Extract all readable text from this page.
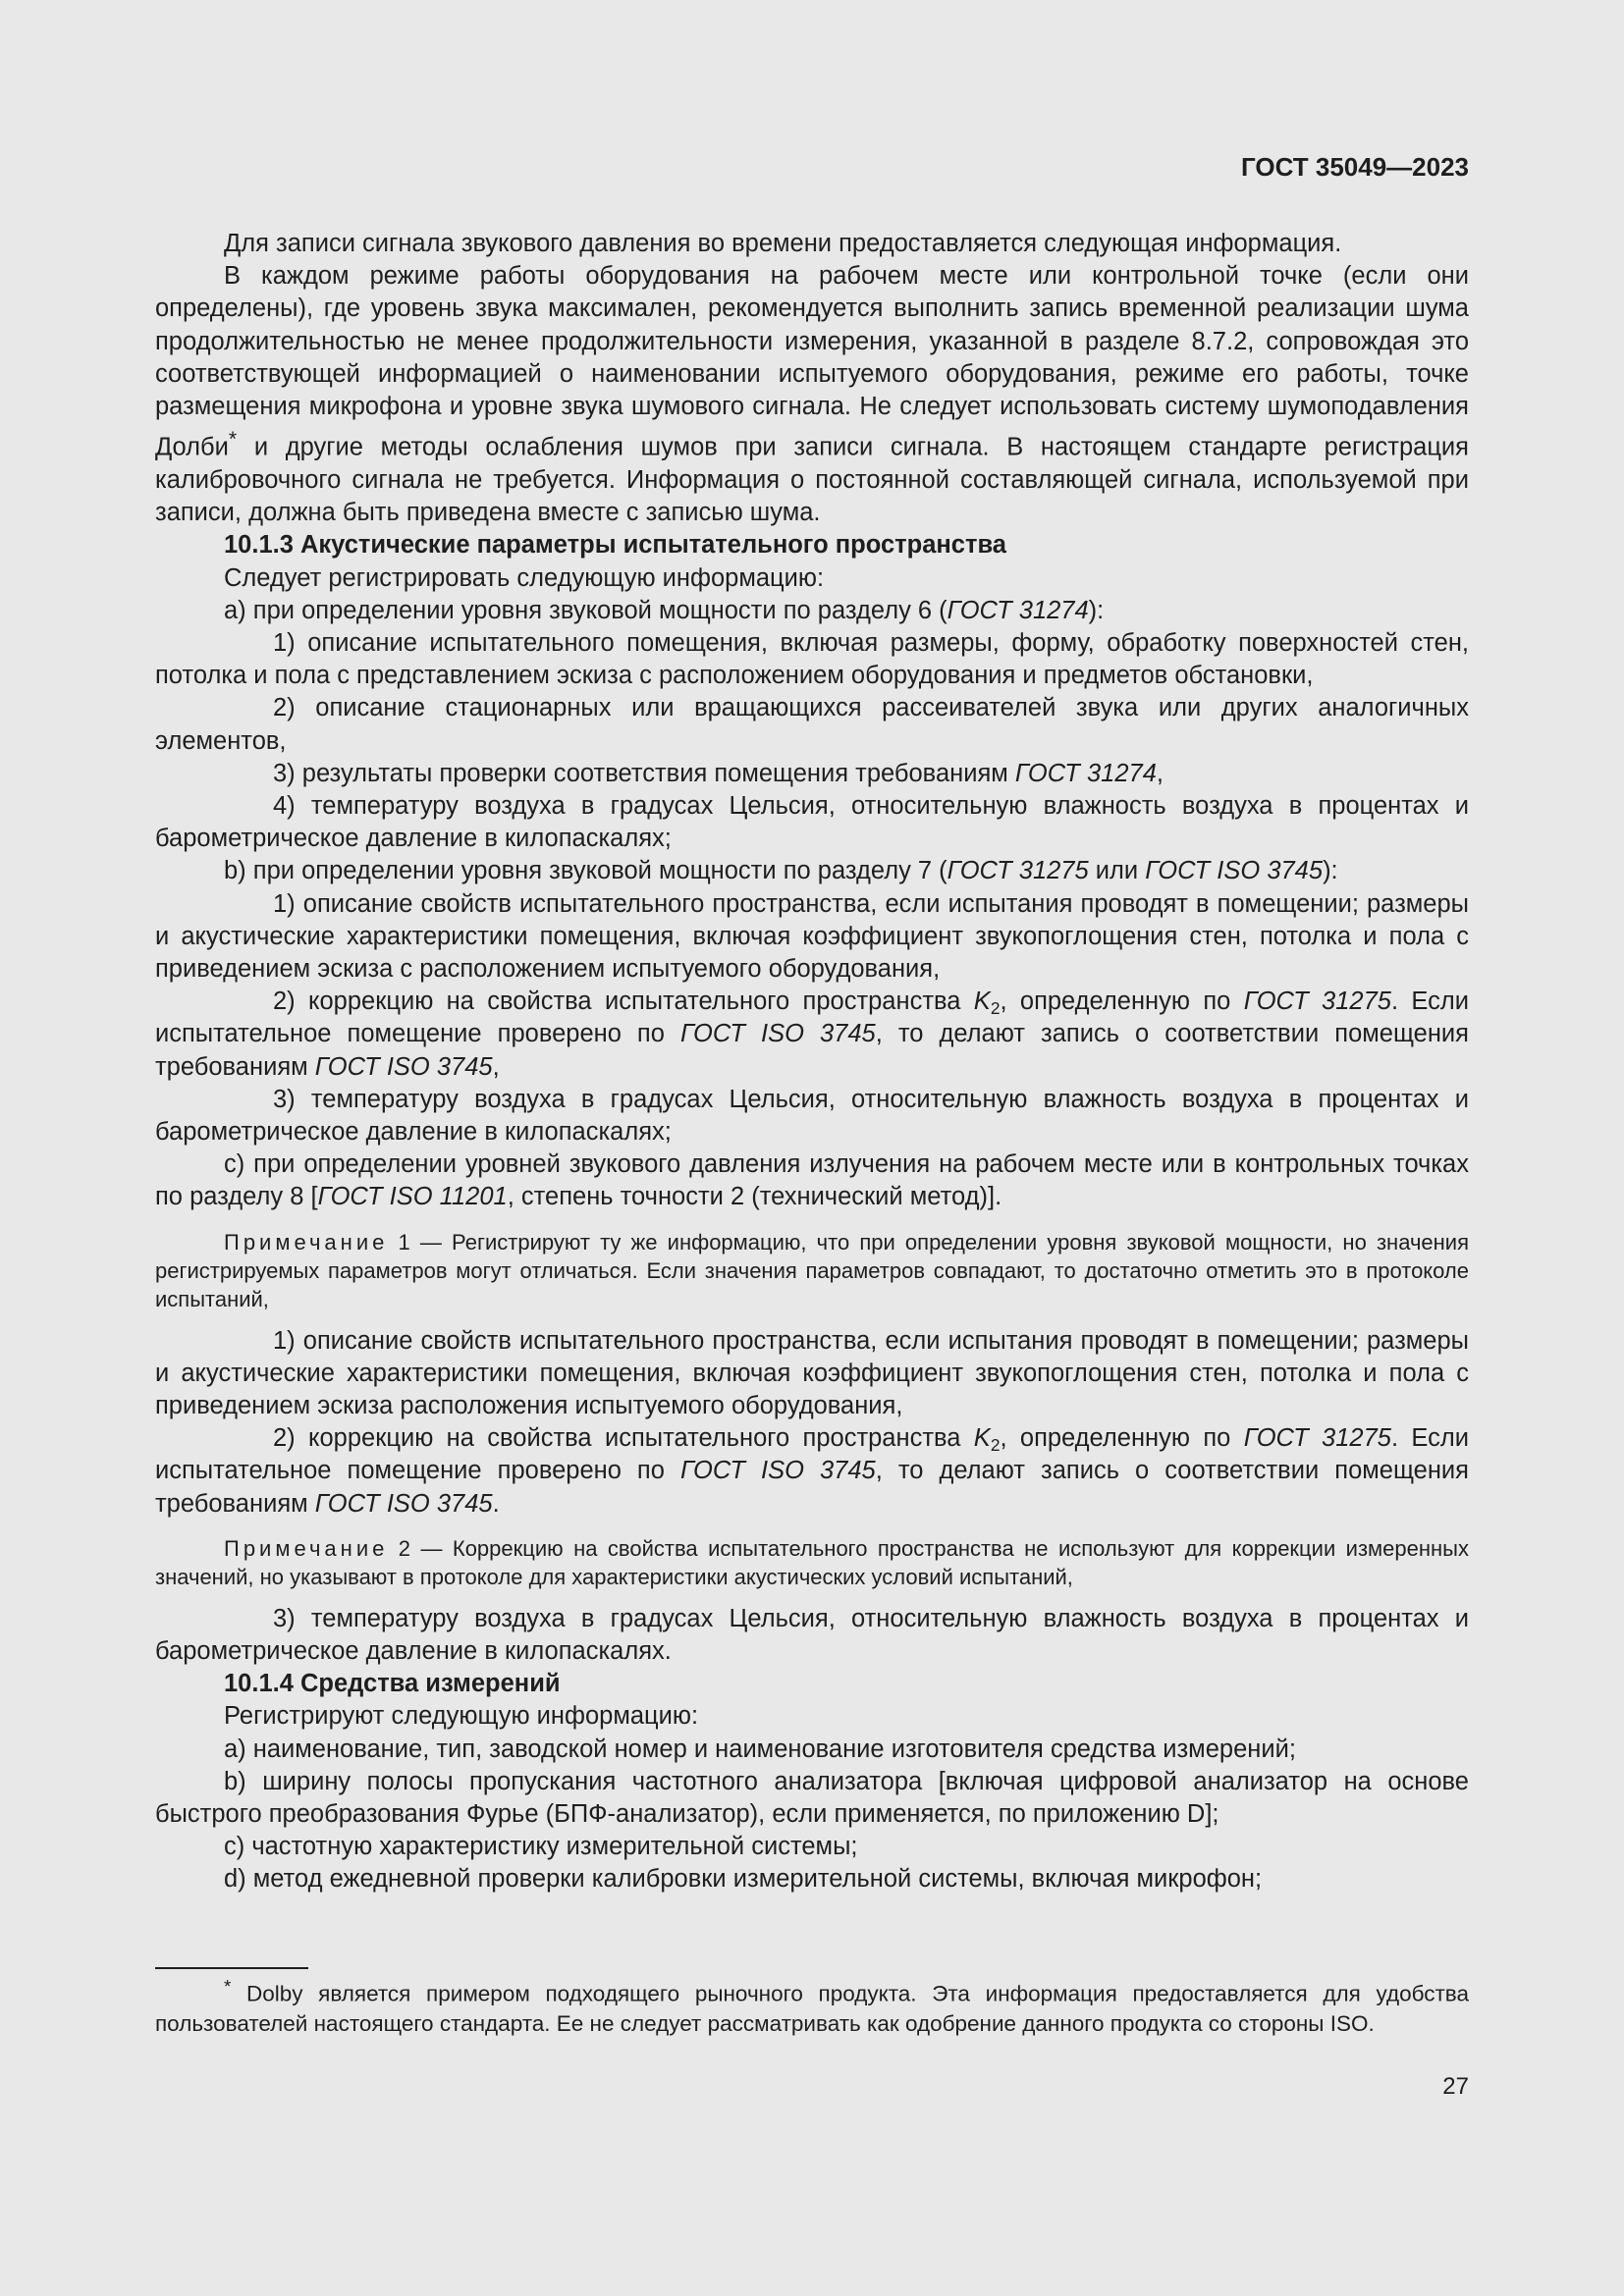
ГОСТ 35049—2023

Для записи сигнала звукового давления во времени предоставляется следующая информация.

В каждом режиме работы оборудования на рабочем месте или контрольной точке (если они определены), где уровень звука максимален, рекомендуется выполнить запись временной реализации шума продолжительностью не менее продолжительности измерения, указанной в разделе 8.7.2, сопровождая это соответствующей информацией о наименовании испытуемого оборудования, режиме его работы, точке размещения микрофона и уровне звука шумового сигнала. Не следует использовать систему шумоподавления Долби* и другие методы ослабления шумов при записи сигнала. В настоящем стандарте регистрация калибровочного сигнала не требуется. Информация о постоянной составляющей сигнала, используемой при записи, должна быть приведена вместе с записью шума.

10.1.3 Акустические параметры испытательного пространства

Следует регистрировать следующую информацию:

a) при определении уровня звуковой мощности по разделу 6 (ГОСТ 31274):

1) описание испытательного помещения, включая размеры, форму, обработку поверхностей стен, потолка и пола с представлением эскиза с расположением оборудования и предметов обстановки,

2) описание стационарных или вращающихся рассеивателей звука или других аналогичных элементов,

3) результаты проверки соответствия помещения требованиям ГОСТ 31274,

4) температуру воздуха в градусах Цельсия, относительную влажность воздуха в процентах и барометрическое давление в килопаскалях;

b) при определении уровня звуковой мощности по разделу 7 (ГОСТ 31275 или ГОСТ ISO 3745):

1) описание свойств испытательного пространства, если испытания проводят в помещении; размеры и акустические характеристики помещения, включая коэффициент звукопоглощения стен, потолка и пола с приведением эскиза с расположением испытуемого оборудования,

2) коррекцию на свойства испытательного пространства $K_2$, определенную по ГОСТ 31275. Если испытательное помещение проверено по ГОСТ ISO 3745, то делают запись о соответствии помещения требованиям ГОСТ ISO 3745,

3) температуру воздуха в градусах Цельсия, относительную влажность воздуха в процентах и барометрическое давление в килопаскалях;

c) при определении уровней звукового давления излучения на рабочем месте или в контрольных точках по разделу 8 [ГОСТ ISO 11201, степень точности 2 (технический метод)].

Примечание 1 — Регистрируют ту же информацию, что при определении уровня звуковой мощности, но значения регистрируемых параметров могут отличаться. Если значения параметров совпадают, то достаточно отметить это в протоколе испытаний,

1) описание свойств испытательного пространства, если испытания проводят в помещении; размеры и акустические характеристики помещения, включая коэффициент звукопоглощения стен, потолка и пола с приведением эскиза расположения испытуемого оборудования,

2) коррекцию на свойства испытательного пространства $K_2$, определенную по ГОСТ 31275. Если испытательное помещение проверено по ГОСТ ISO 3745, то делают запись о соответствии помещения требованиям ГОСТ ISO 3745.

Примечание 2 — Коррекцию на свойства испытательного пространства не используют для коррекции измеренных значений, но указывают в протоколе для характеристики акустических условий испытаний,

3) температуру воздуха в градусах Цельсия, относительную влажность воздуха в процентах и барометрическое давление в килопаскалях.

10.1.4 Средства измерений

Регистрируют следующую информацию:

a) наименование, тип, заводской номер и наименование изготовителя средства измерений;

b) ширину полосы пропускания частотного анализатора [включая цифровой анализатор на основе быстрого преобразования Фурье (БПФ-анализатор), если применяется, по приложению D];

c) частотную характеристику измерительной системы;

d) метод ежедневной проверки калибровки измерительной системы, включая микрофон;

* Dolby является примером подходящего рыночного продукта. Эта информация предоставляется для удобства пользователей настоящего стандарта. Ее не следует рассматривать как одобрение данного продукта со стороны ISO.

27
